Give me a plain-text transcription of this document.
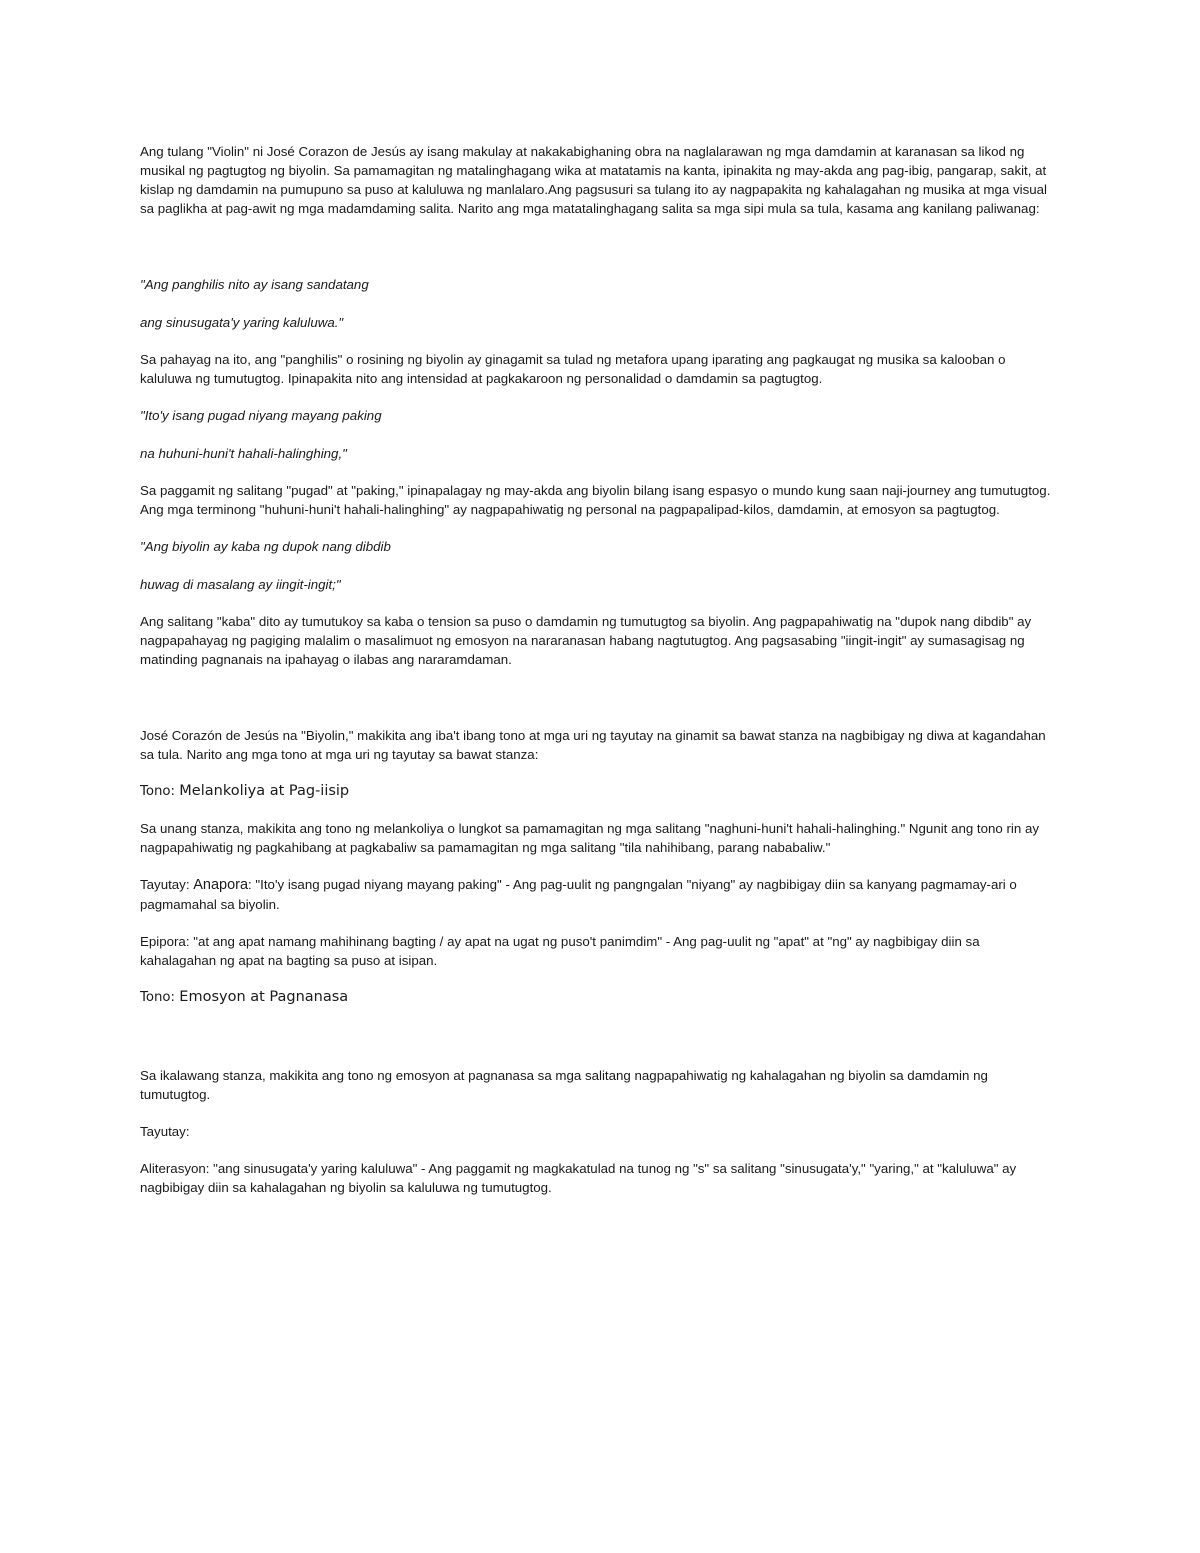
Ang tulang "Violin" ni José Corazon de Jesús ay isang makulay at nakakabighaning obra na naglalarawan ng mga damdamin at karanasan sa likod ng musikal ng pagtugtog ng biyolin. Sa pamamagitan ng matalinghagang wika at matatamis na kanta, ipinakita ng may-akda ang pag-ibig, pangarap, sakit, at kislap ng damdamin na pumupuno sa puso at kaluluwa ng manlalaro.Ang pagsusuri sa tulang ito ay nagpapakita ng kahalagahan ng musika at mga visual sa paglikha at pag-awit ng mga madamdaming salita. Narito ang mga matatalinghagang salita sa mga sipi mula sa tula, kasama ang kanilang paliwanag:

"Ang panghilis nito ay isang sandatang

ang sinusugata'y yaring kaluluwa."

Sa pahayag na ito, ang "panghilis" o rosining ng biyolin ay ginagamit sa tulad ng metafora upang iparating ang pagkaugat ng musika sa kalooban o kaluluwa ng tumutugtog. Ipinapakita nito ang intensidad at pagkakaroon ng personalidad o damdamin sa pagtugtog.

"Ito'y isang pugad niyang mayang paking

na huhuni-huni't hahali-halinghing,"

Sa paggamit ng salitang "pugad" at "paking," ipinapalagay ng may-akda ang biyolin bilang isang espasyo o mundo kung saan naji-journey ang tumutugtog. Ang mga terminong "huhuni-huni't hahali-halinghing" ay nagpapahiwatig ng personal na pagpapalipad-kilos, damdamin, at emosyon sa pagtugtog.

"Ang biyolin ay kaba ng dupok nang dibdib

huwag di masalang ay iingit-ingit;"

Ang salitang "kaba" dito ay tumutukoy sa kaba o tension sa puso o damdamin ng tumutugtog sa biyolin. Ang pagpapahiwatig na "dupok nang dibdib" ay nagpapahayag ng pagiging malalim o masalimuot ng emosyon na nararanasan habang nagtutugtog. Ang pagsasabing "iingit-ingit" ay sumasagisag ng matinding pagnanais na ipahayag o ilabas ang nararamdaman.

José Corazón de Jesús na "Biyolin," makikita ang iba't ibang tono at mga uri ng tayutay na ginamit sa bawat stanza na nagbibigay ng diwa at kagandahan sa tula. Narito ang mga tono at mga uri ng tayutay sa bawat stanza:

Tono: Melankoliya at Pag-iisip

Sa unang stanza, makikita ang tono ng melankoliya o lungkot sa pamamagitan ng mga salitang "naghuni-huni't hahali-halinghing." Ngunit ang tono rin ay nagpapahiwatig ng pagkahibang at pagkabaliw sa pamamagitan ng mga salitang "tila nahihibang, parang nababaliw."

Tayutay: Anapora: "Ito'y isang pugad niyang mayang paking" - Ang pag-uulit ng pangngalan "niyang" ay nagbibigay diin sa kanyang pagmamay-ari o pagmamahal sa biyolin.

Epipora: "at ang apat namang mahihinang bagting / ay apat na ugat ng puso't panimdim" - Ang pag-uulit ng "apat" at "ng" ay nagbibigay diin sa kahalagahan ng apat na bagting sa puso at isipan.

Tono: Emosyon at Pagnanasa

Sa ikalawang stanza, makikita ang tono ng emosyon at pagnanasa sa mga salitang nagpapahiwatig ng kahalagahan ng biyolin sa damdamin ng tumutugtog.

Tayutay:

Aliterasyon: "ang sinusugata'y yaring kaluluwa" - Ang paggamit ng magkakatulad na tunog ng "s" sa salitang "sinusugata'y," "yaring," at "kaluluwa" ay nagbibigay diin sa kahalagahan ng biyolin sa kaluluwa ng tumutugtog.
